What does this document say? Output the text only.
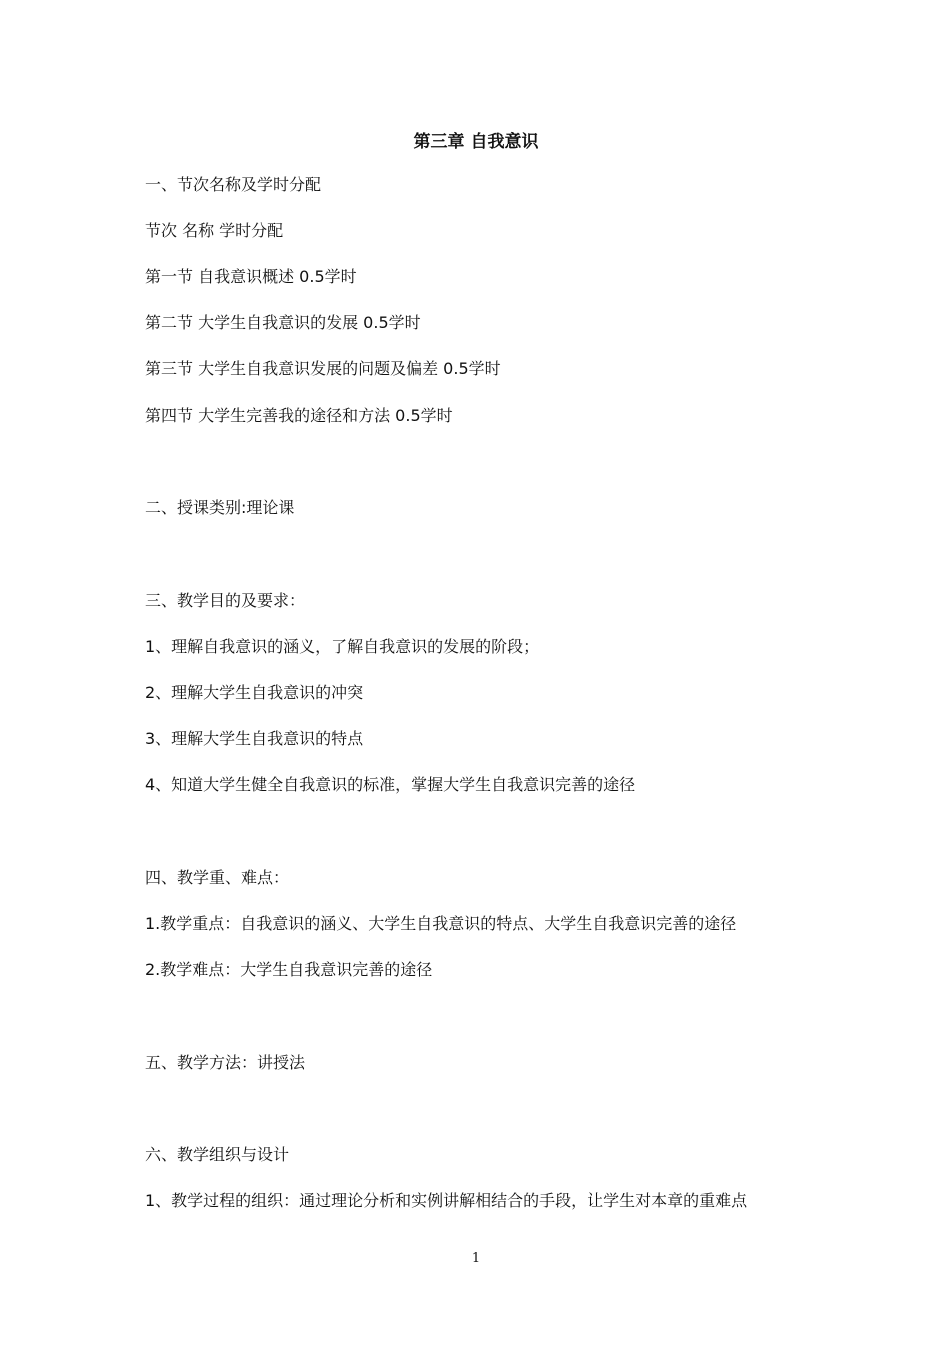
第三章 自我意识
一、节次名称及学时分配
节次 名称 学时分配
第一节 自我意识概述 0.5学时
第二节 大学生自我意识的发展 0.5学时
第三节 大学生自我意识发展的问题及偏差 0.5学时
第四节 大学生完善我的途径和方法 0.5学时
二、授课类别:理论课
三、教学目的及要求：
1、理解自我意识的涵义，了解自我意识的发展的阶段；
2、理解大学生自我意识的冲突
3、理解大学生自我意识的特点
4、知道大学生健全自我意识的标准，掌握大学生自我意识完善的途径
四、教学重、难点：
1.教学重点：自我意识的涵义、大学生自我意识的特点、大学生自我意识完善的途径
2.教学难点：大学生自我意识完善的途径
五、教学方法：讲授法
六、教学组织与设计
1、教学过程的组织：通过理论分析和实例讲解相结合的手段，让学生对本章的重难点
1
